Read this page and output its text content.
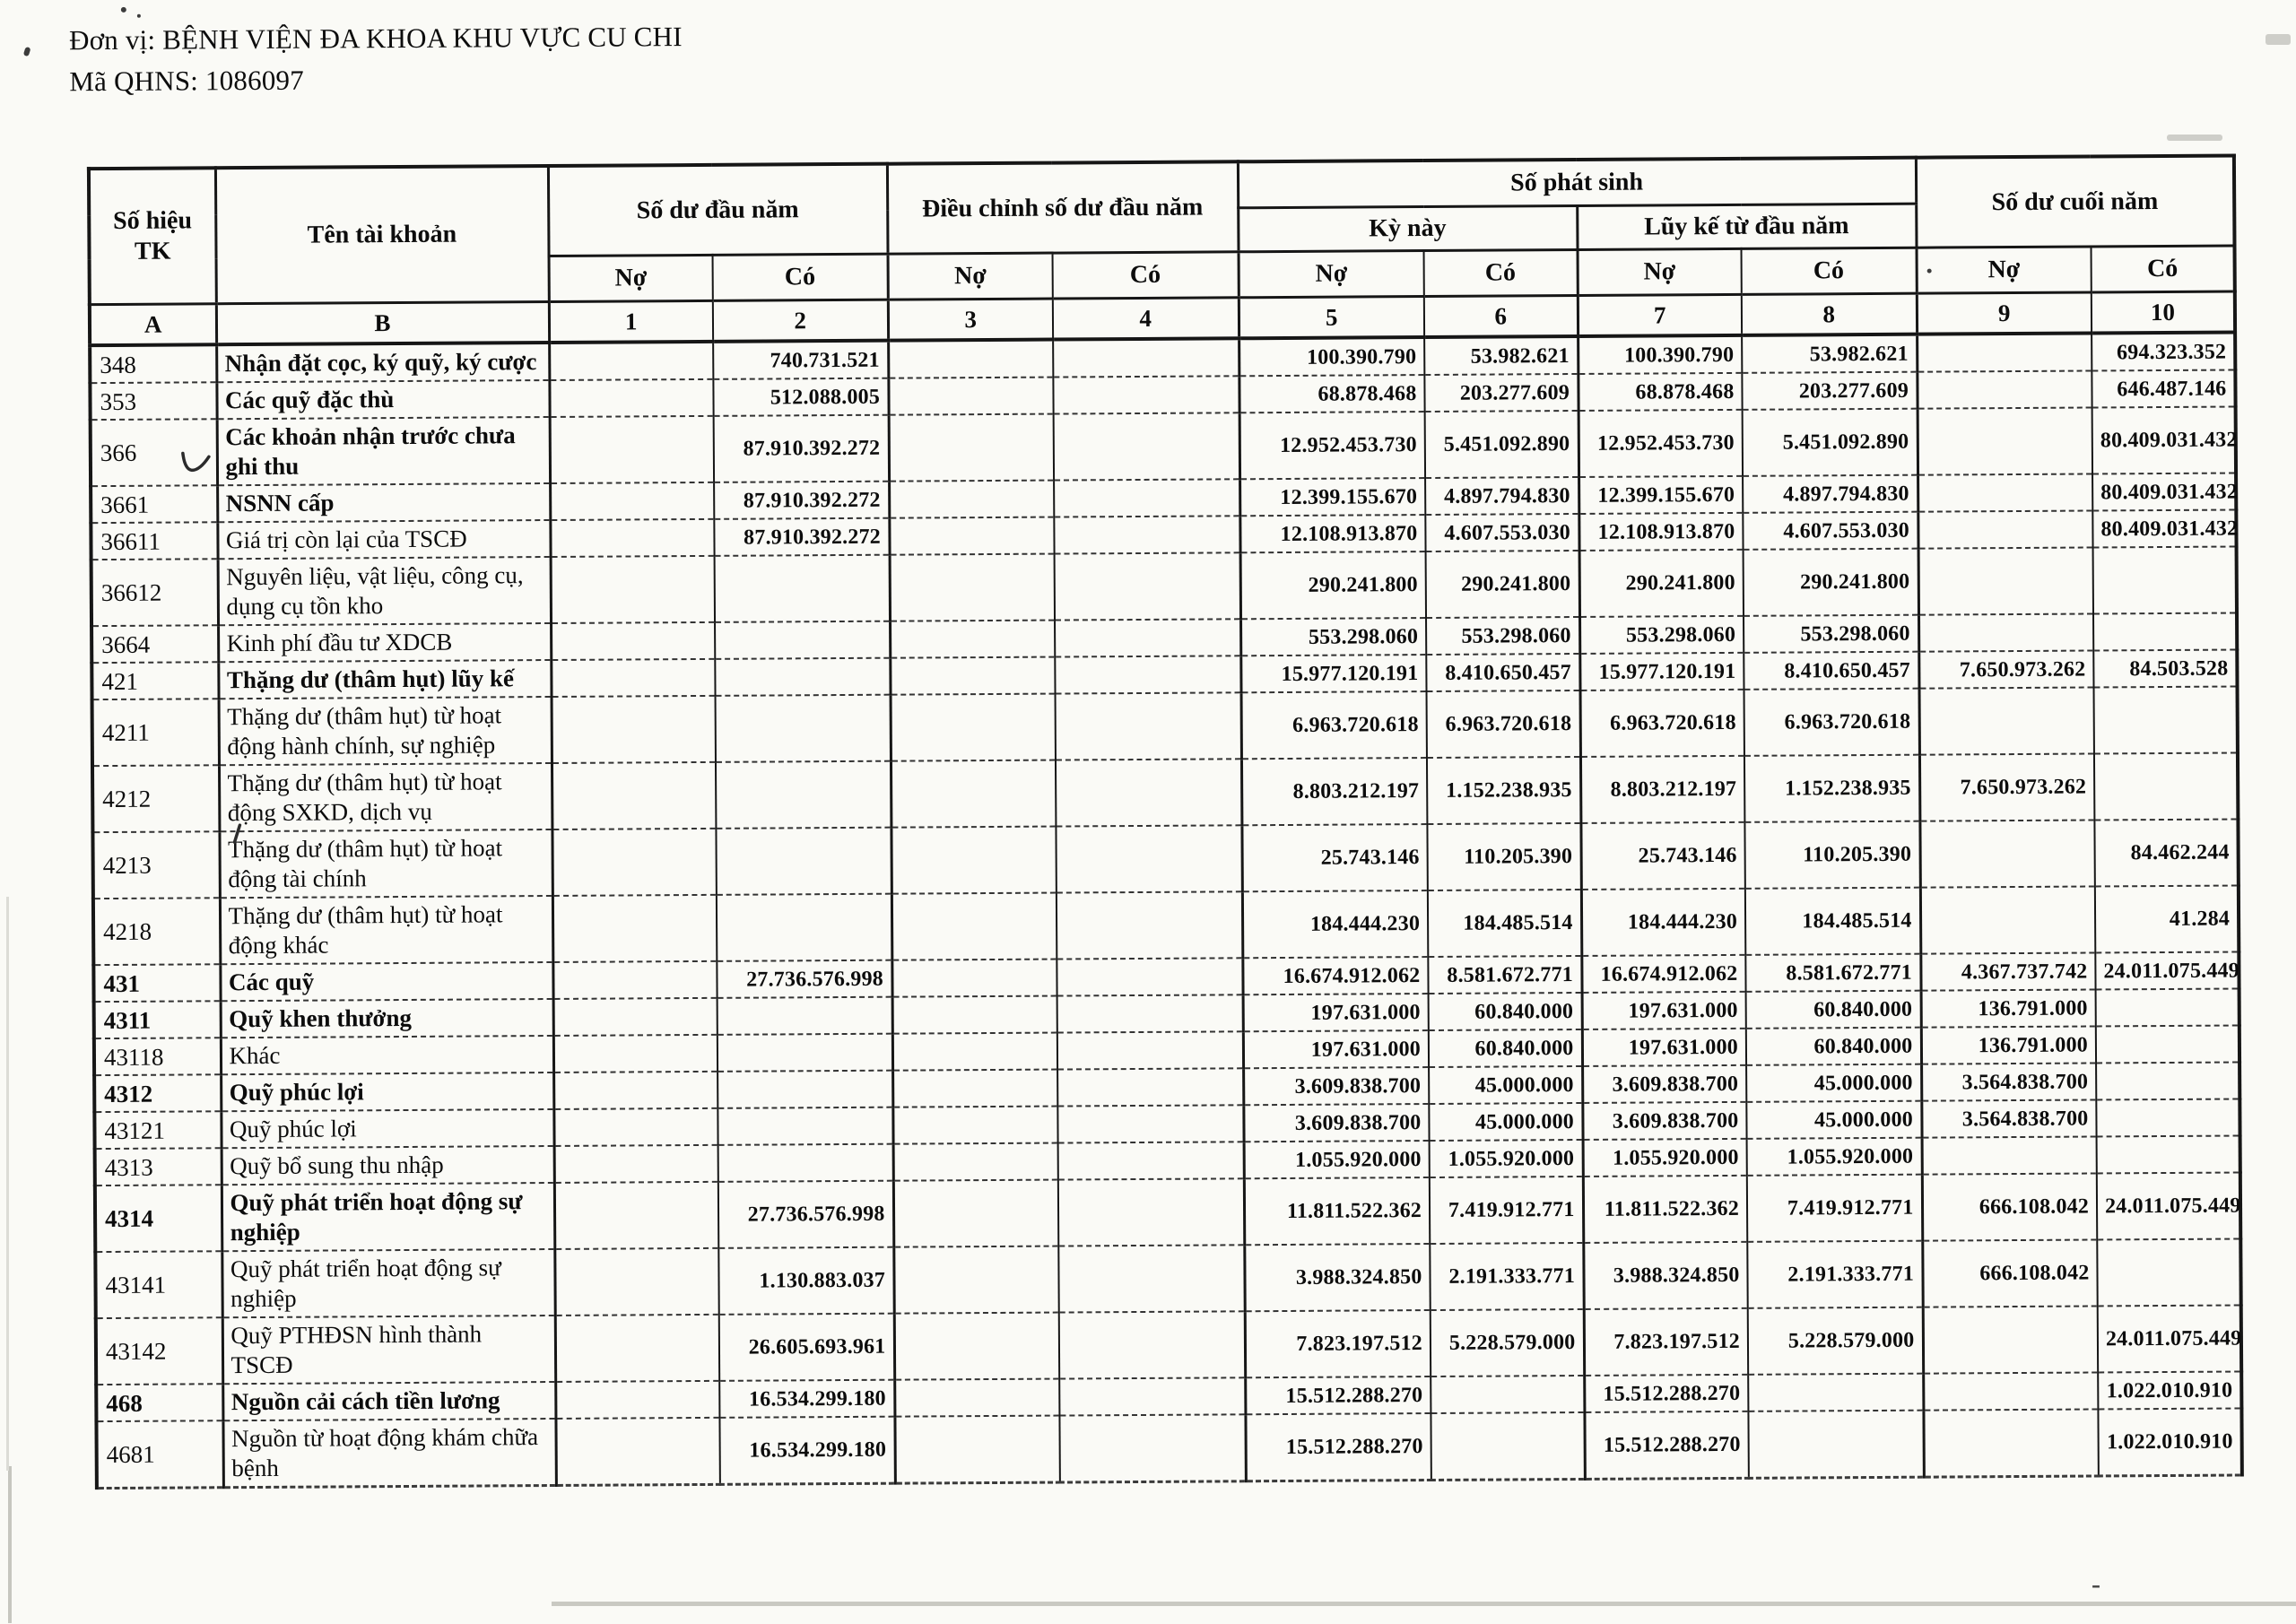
Đơn vị: BỆNH VIỆN ĐA KHOA KHU VỰC CU CHI
Mã QHNS: 1086097
Số hiệu TK	Tên tài khoản	Số dư đầu năm		Điều chỉnh số dư đầu năm		Số phát sinh				Số dư cuối năm	
						Kỳ này		Lũy kế từ đầu năm			
		Nợ	Có	Nợ	Có	Nợ	Có	Nợ	Có	Nợ	Có
A	B	1	2	3	4	5	6	7	8	9	10
348	Nhận đặt cọc, ký quỹ, ký cược		740.731.521			100.390.790	53.982.621	100.390.790	53.982.621		694.323.352
353	Các quỹ đặc thù		512.088.005			68.878.468	203.277.609	68.878.468	203.277.609		646.487.146
366	Các khoản nhận trước chưa ghi thu		87.910.392.272			12.952.453.730	5.451.092.890	12.952.453.730	5.451.092.890		80.409.031.432
3661	NSNN cấp		87.910.392.272			12.399.155.670	4.897.794.830	12.399.155.670	4.897.794.830		80.409.031.432
36611	Giá trị còn lại của TSCĐ		87.910.392.272			12.108.913.870	4.607.553.030	12.108.913.870	4.607.553.030		80.409.031.432
36612	Nguyên liệu, vật liệu, công cụ, dụng cụ tồn kho					290.241.800	290.241.800	290.241.800	290.241.800		
3664	Kinh phí đầu tư XDCB					553.298.060	553.298.060	553.298.060	553.298.060		
421	Thặng dư (thâm hụt) lũy kế					15.977.120.191	8.410.650.457	15.977.120.191	8.410.650.457	7.650.973.262	84.503.528
4211	Thặng dư (thâm hụt) từ hoạt động hành chính, sự nghiệp					6.963.720.618	6.963.720.618	6.963.720.618	6.963.720.618		
4212	Thặng dư (thâm hụt) từ hoạt động SXKD, dịch vụ					8.803.212.197	1.152.238.935	8.803.212.197	1.152.238.935	7.650.973.262	
4213	Thặng dư (thâm hụt) từ hoạt động tài chính					25.743.146	110.205.390	25.743.146	110.205.390		84.462.244
4218	Thặng dư (thâm hụt) từ hoạt động khác					184.444.230	184.485.514	184.444.230	184.485.514		41.284
431	Các quỹ		27.736.576.998			16.674.912.062	8.581.672.771	16.674.912.062	8.581.672.771	4.367.737.742	24.011.075.449
4311	Quỹ khen thưởng					197.631.000	60.840.000	197.631.000	60.840.000	136.791.000	
43118	Khác					197.631.000	60.840.000	197.631.000	60.840.000	136.791.000	
4312	Quỹ phúc lợi					3.609.838.700	45.000.000	3.609.838.700	45.000.000	3.564.838.700	
43121	Quỹ phúc lợi					3.609.838.700	45.000.000	3.609.838.700	45.000.000	3.564.838.700	
4313	Quỹ bổ sung thu nhập					1.055.920.000	1.055.920.000	1.055.920.000	1.055.920.000		
4314	Quỹ phát triển hoạt động sự nghiệp		27.736.576.998			11.811.522.362	7.419.912.771	11.811.522.362	7.419.912.771	666.108.042	24.011.075.449
43141	Quỹ phát triển hoạt động sự nghiệp		1.130.883.037			3.988.324.850	2.191.333.771	3.988.324.850	2.191.333.771	666.108.042	
43142	Quỹ PTHĐSN hình thành TSCĐ		26.605.693.961			7.823.197.512	5.228.579.000	7.823.197.512	5.228.579.000		24.011.075.449
468	Nguồn cải cách tiền lương		16.534.299.180			15.512.288.270		15.512.288.270			1.022.010.910
4681	Nguồn từ hoạt động khám chữa bệnh		16.534.299.180			15.512.288.270		15.512.288.270			1.022.010.910
-
